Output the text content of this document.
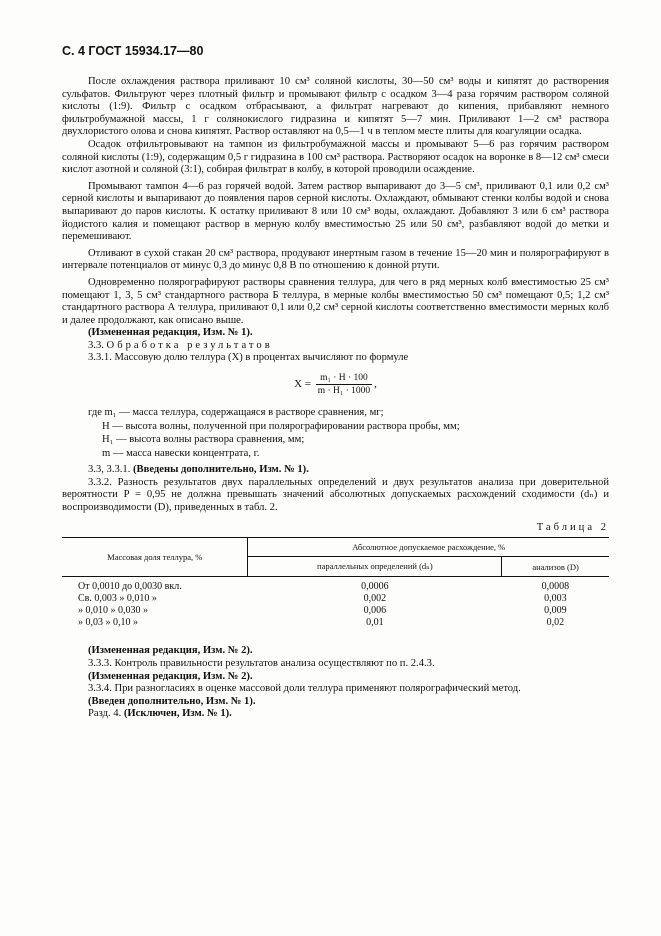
С. 4 ГОСТ 15934.17—80

После охлаждения раствора приливают 10 см³ соляной кислоты, 30—50 см³ воды и кипятят до растворения сульфатов. Фильтруют через плотный фильтр и промывают фильтр с осадком 3—4 раза горячим раствором соляной кислоты (1:9). Фильтр с осадком отбрасывают, а фильтрат нагревают до кипения, прибавляют немного фильтробумажной массы, 1 г солянокислого гидразина и кипятят 5—7 мин. Приливают 1—2 см³ раствора двухлористого олова и снова кипятят. Раствор оставляют на 0,5—1 ч в теплом месте плиты для коагуляции осадка.

Осадок отфильтровывают на тампон из фильтробумажной массы и промывают 5—6 раз горячим раствором соляной кислоты (1:9), содержащим 0,5 г гидразина в 100 см³ раствора. Растворяют осадок на воронке в 8—12 см³ смеси кислот азотной и соляной (3:1), собирая фильтрат в колбу, в которой проводили осаждение.

Промывают тампон 4—6 раз горячей водой. Затем раствор выпаривают до 3—5 см³, приливают 0,1 или 0,2 см³ серной кислоты и выпаривают до появления паров серной кислоты. Охлаждают, обмывают стенки колбы водой и снова выпаривают до паров кислоты. К остатку приливают 8 или 10 см³ воды, охлаждают. Добавляют 3 или 6 см³ раствора йодистого калия и помещают раствор в мерную колбу вместимостью 25 или 50 см³, разбавляют водой до метки и перемешивают.

Отливают в сухой стакан 20 см³ раствора, продувают инертным газом в течение 15—20 мин и полярографируют в интервале потенциалов от минус 0,3 до минус 0,8 В по отношению к донной ртути.

Одновременно полярографируют растворы сравнения теллура, для чего в ряд мерных колб вместимостью 25 см³ помещают 1, 3, 5 см³ стандартного раствора Б теллура, в мерные колбы вместимостью 50 см³ помещают 0,5; 1,2 см³ стандартного раствора А теллура, приливают 0,1 или 0,2 см³ серной кислоты соответственно вместимости мерных колб и далее продолжают, как описано выше.

(Измененная редакция, Изм. № 1).

3.3. Обработка результатов

3.3.1. Массовую долю теллура (X) в процентах вычисляют по формуле

$X = \frac{\text{m₁ · H · 100}}{\text{m · H₁ · 1000}}$ ,
где m₁ — масса теллура, содержащаяся в растворе сравнения, мг;
H — высота волны, полученной при полярографировании раствора пробы, мм;
H₁ — высота волны раствора сравнения, мм;
m — масса навески концентрата, г.

3.3, 3.3.1. (Введены дополнительно, Изм. № 1).

3.3.2. Разность результатов двух параллельных определений и двух результатов анализа при доверительной вероятности P = 0,95 не должна превышать значений абсолютных допускаемых расхождений сходимости (dₙ) и воспроизводимости (D), приведенных в табл. 2.

Таблица 2
Массовая доля теллура, %	Абсолютное допускаемое расхождение, %	
	параллельных определений (dₙ)	анализов (D)
От 0,0010 до 0,0030 вкл.	0,0006	0,0008
Св. 0,003 » 0,010 »	0,002	0,003
» 0,010 » 0,030 »	0,006	0,009
» 0,03 » 0,10 »	0,01	0,02

(Измененная редакция, Изм. № 2).

3.3.3. Контроль правильности результатов анализа осуществляют по п. 2.4.3.

(Измененная редакция, Изм. № 2).

3.3.4. При разногласиях в оценке массовой доли теллура применяют полярографический метод.

(Введен дополнительно, Изм. № 1).

Разд. 4. (Исключен, Изм. № 1).
